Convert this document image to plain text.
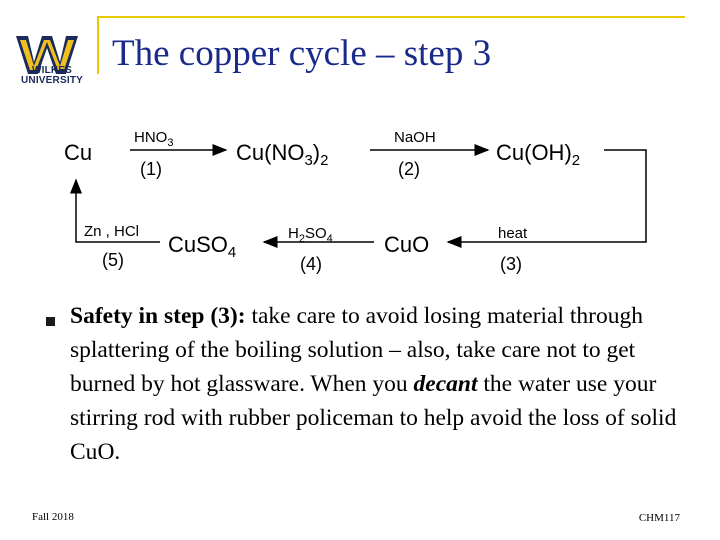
WILKES
UNIVERSITY
The copper cycle – step 3
Cu
$HNO_3$
(1)
$Cu(NO_3)_2$
NaOH
(2)
$Cu(OH)_2$
heat
(3)
CuO
$H_2SO_4$
(4)
CuSO$_4$
Zn , HCl
(5)
Safety in step (3): take care to avoid losing material through splattering of the boiling solution – also, take care not to get burned by hot glassware. When you decant the water use your stirring rod with rubber policeman to help avoid the loss of solid CuO.
Fall 2018	CHM117
